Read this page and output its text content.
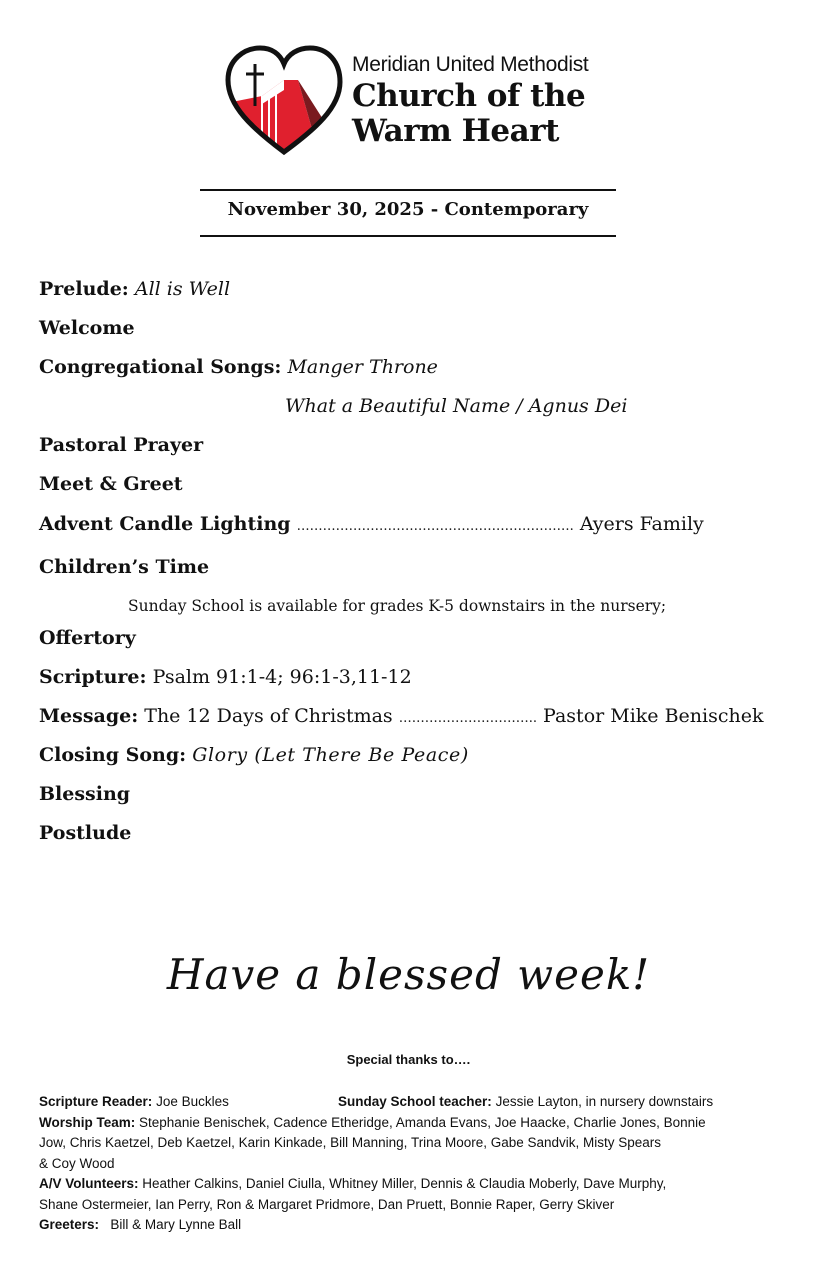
Meridian United Methodist
Church of the
Warm Heart
November 30, 2025 - Contemporary
Prelude: All is Well
Welcome
Congregational Songs: Manger Throne
What a Beautiful Name / Agnus Dei
Pastoral Prayer
Meet & Greet
Advent Candle Lighting ………………………………………………………. Ayers Family
Children’s Time
Sunday School is available for grades K-5 downstairs in the nursery;
Offertory
Scripture: Psalm 91:1-4; 96:1-3,11-12
Message: The 12 Days of Christmas ………………………….. Pastor Mike Benischek
Closing Song: Glory (Let There Be Peace)
Blessing
Postlude
Have a blessed week!
Special thanks to….
Scripture Reader: Joe Buckles	Sunday School teacher: Jessie Layton, in nursery downstairs
Worship Team: Stephanie Benischek, Cadence Etheridge, Amanda Evans, Joe Haacke, Charlie Jones, Bonnie
Jow, Chris Kaetzel, Deb Kaetzel, Karin Kinkade, Bill Manning, Trina Moore, Gabe Sandvik, Misty Spears
& Coy Wood
A/V Volunteers: Heather Calkins, Daniel Ciulla, Whitney Miller, Dennis & Claudia Moberly, Dave Murphy,
Shane Ostermeier, Ian Perry, Ron & Margaret Pridmore, Dan Pruett, Bonnie Raper, Gerry Skiver
Greeters: Bill & Mary Lynne Ball
